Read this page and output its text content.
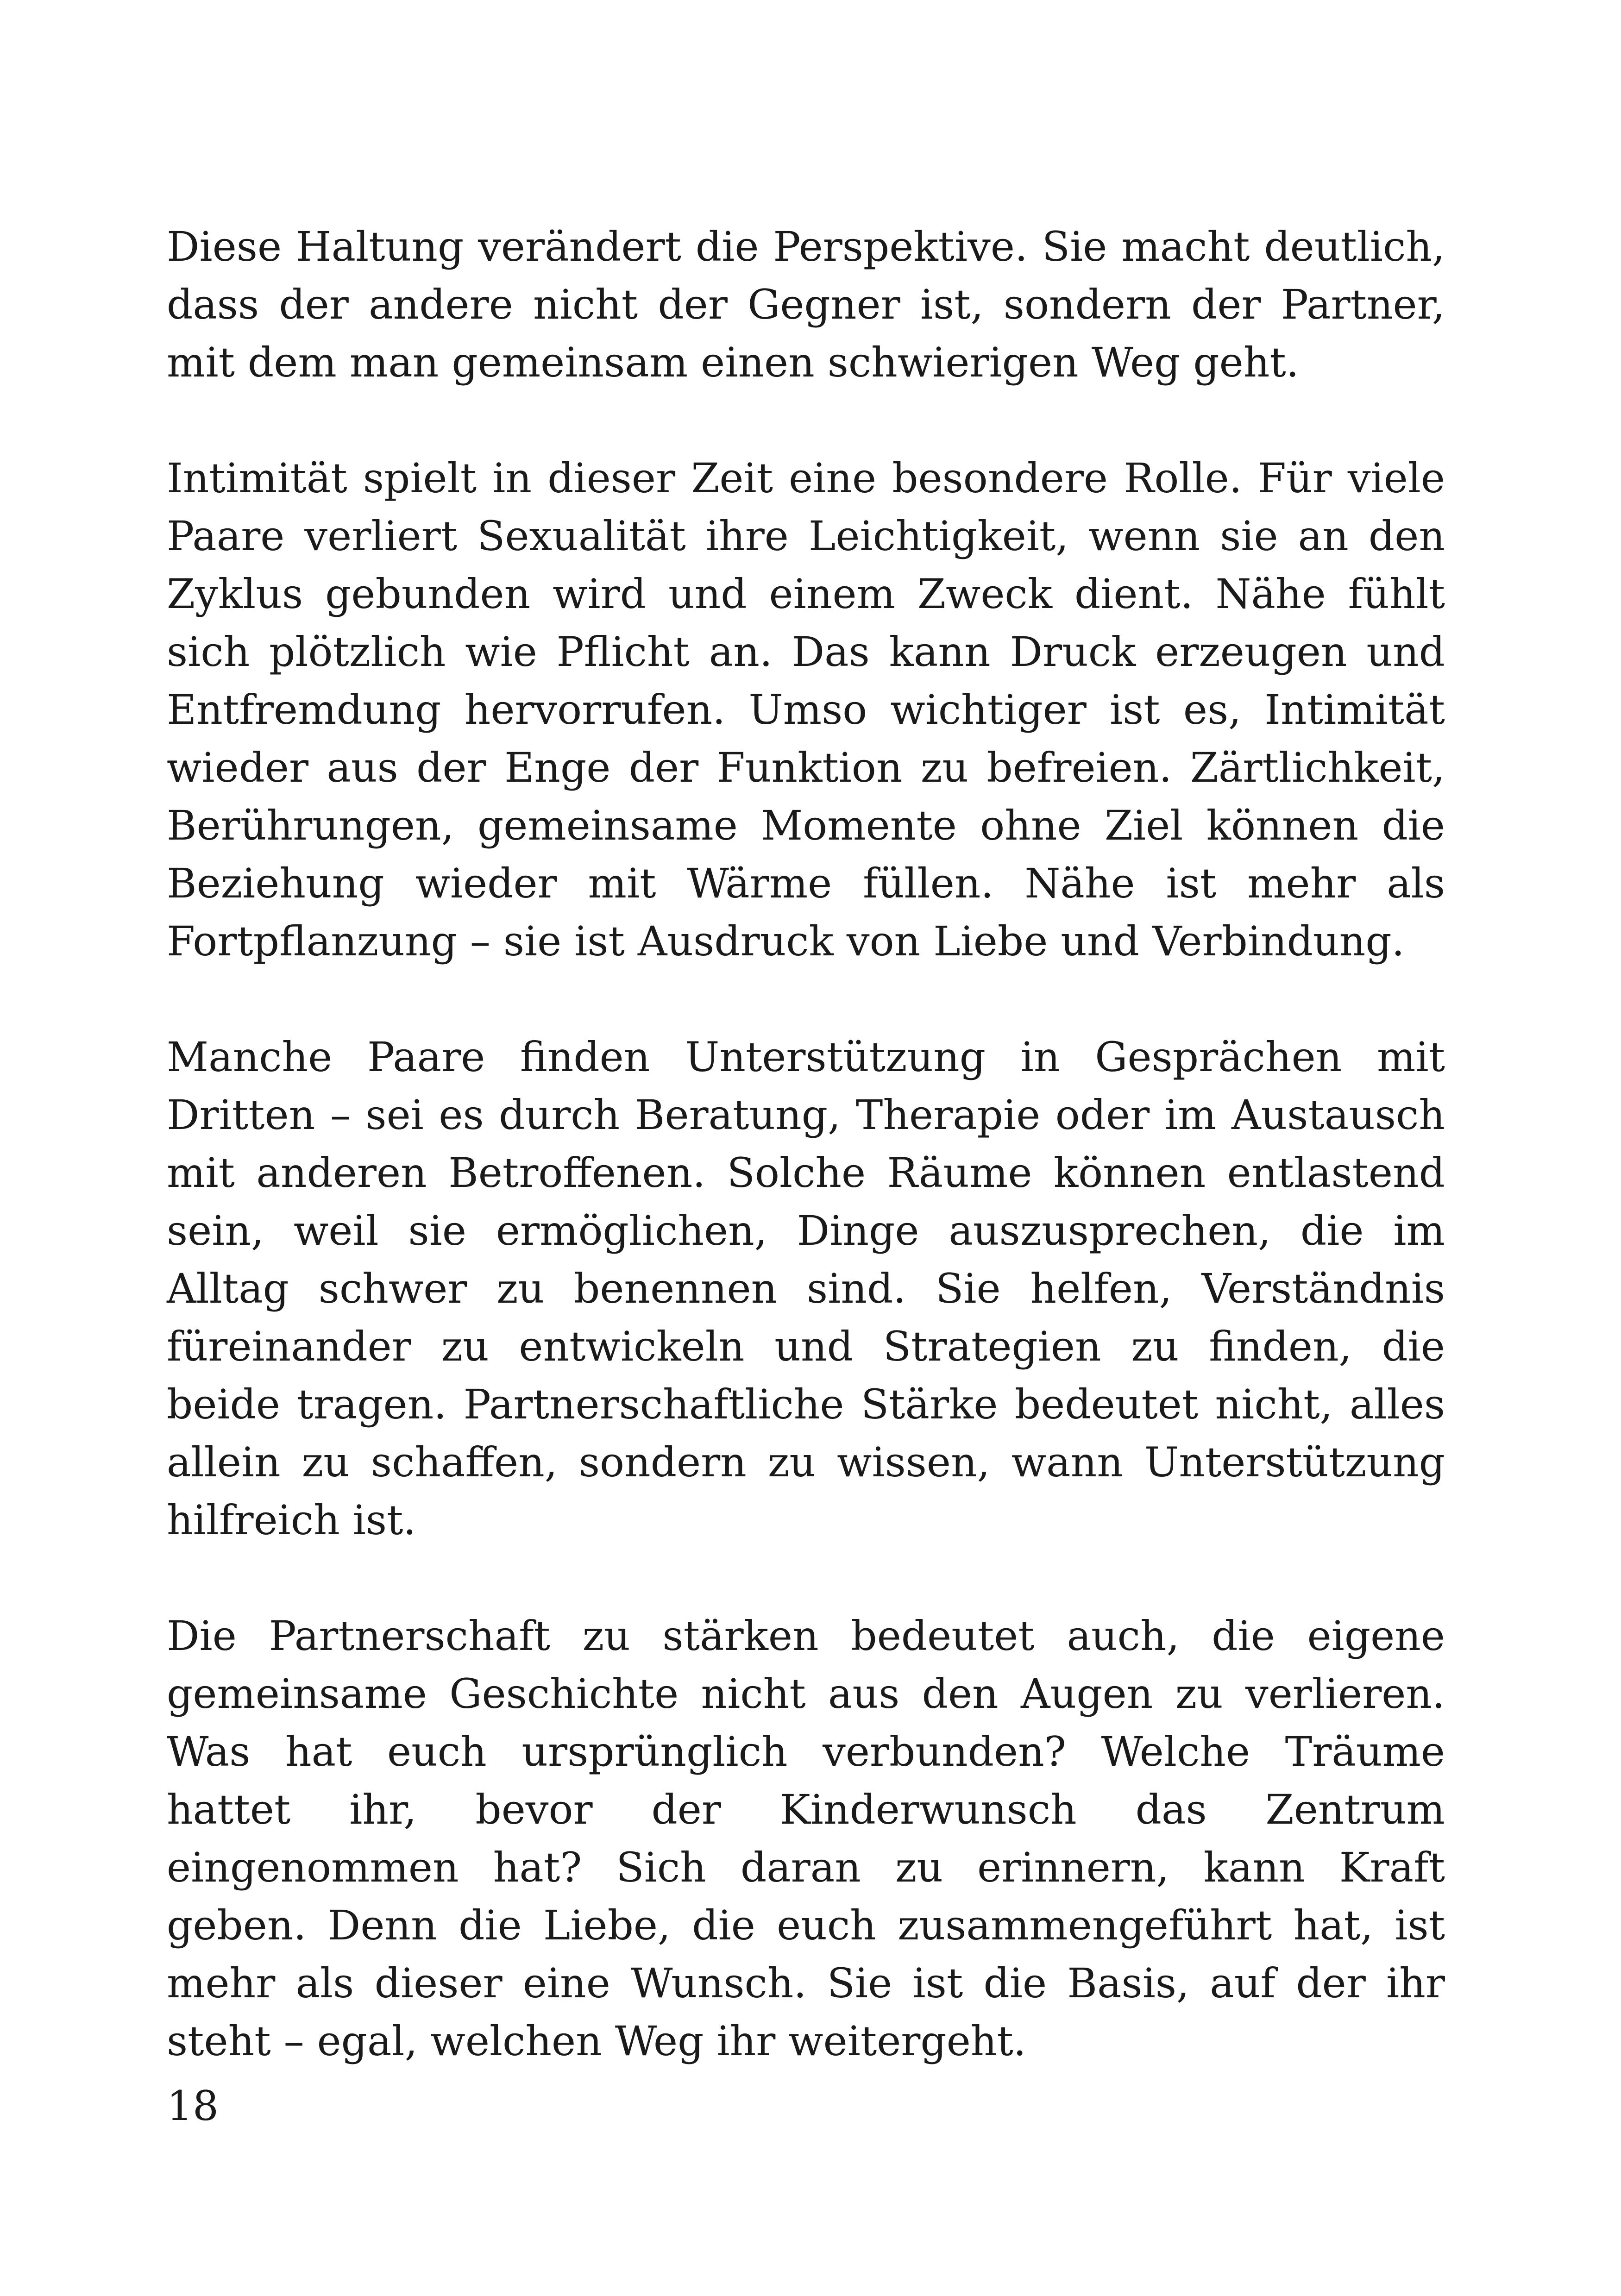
Diese Haltung verändert die Perspektive. Sie macht deutlich, dass der andere nicht der Gegner ist, sondern der Partner, mit dem man gemeinsam einen schwierigen Weg geht.

Intimität spielt in dieser Zeit eine besondere Rolle. Für viele Paare verliert Sexualität ihre Leichtigkeit, wenn sie an den Zyklus gebunden wird und einem Zweck dient. Nähe fühlt sich plötzlich wie Pflicht an. Das kann Druck erzeugen und Entfremdung hervorrufen. Umso wichtiger ist es, Intimität wieder aus der Enge der Funktion zu befreien. Zärtlichkeit, Berührungen, gemeinsame Momente ohne Ziel können die Beziehung wieder mit Wärme füllen. Nähe ist mehr als Fortpflanzung – sie ist Ausdruck von Liebe und Verbindung.

Manche Paare finden Unterstützung in Gesprächen mit Dritten – sei es durch Beratung, Therapie oder im Austausch mit anderen Betroffenen. Solche Räume können entlastend sein, weil sie ermöglichen, Dinge auszusprechen, die im Alltag schwer zu benennen sind. Sie helfen, Verständnis füreinander zu entwickeln und Strategien zu finden, die beide tragen. Partnerschaftliche Stärke bedeutet nicht, alles allein zu schaffen, sondern zu wissen, wann Unterstützung hilfreich ist.

Die Partnerschaft zu stärken bedeutet auch, die eigene gemeinsame Geschichte nicht aus den Augen zu verlieren. Was hat euch ursprünglich verbunden? Welche Träume hattet ihr, bevor der Kinderwunsch das Zentrum eingenommen hat? Sich daran zu erinnern, kann Kraft geben. Denn die Liebe, die euch zusammengeführt hat, ist mehr als dieser eine Wunsch. Sie ist die Basis, auf der ihr steht – egal, welchen Weg ihr weitergeht.

18
